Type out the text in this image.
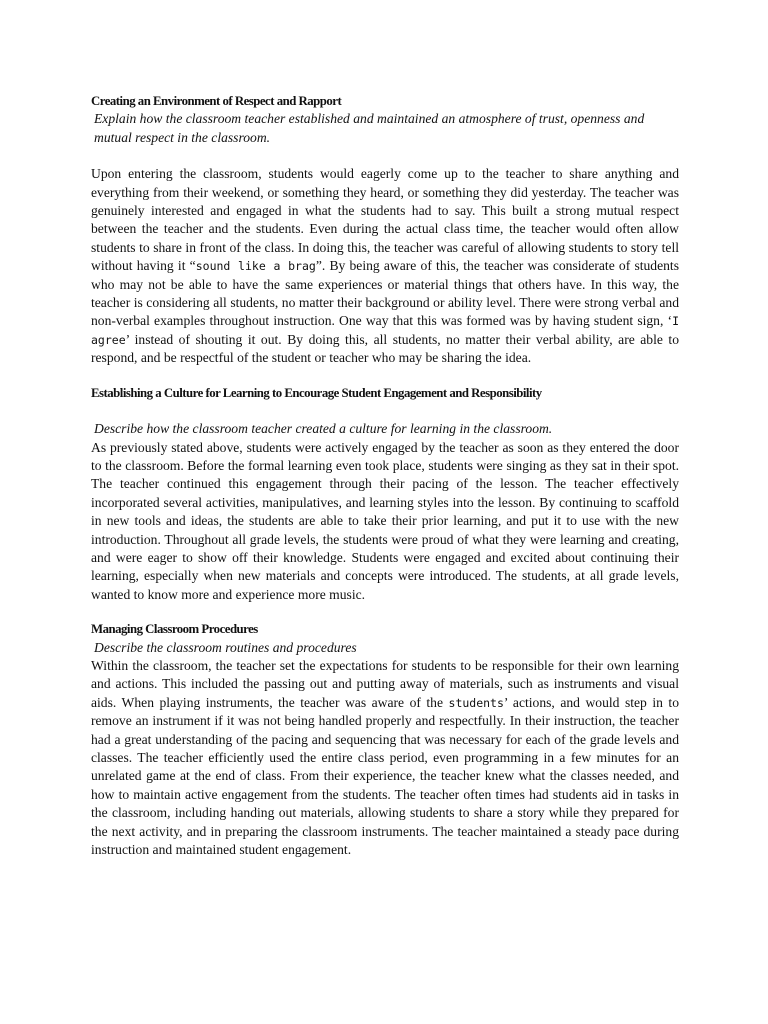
Creating an Environment of Respect and Rapport

Explain how the classroom teacher established and maintained an atmosphere of trust, openness and mutual respect in the classroom.

Upon entering the classroom, students would eagerly come up to the teacher to share anything and everything from their weekend, or something they heard, or something they did yesterday. The teacher was genuinely interested and engaged in what the students had to say. This built a strong mutual respect between the teacher and the students. Even during the actual class time, the teacher would often allow students to share in front of the class. In doing this, the teacher was careful of allowing students to story tell without having it “sound like a brag”. By being aware of this, the teacher was considerate of students who may not be able to have the same experiences or material things that others have. In this way, the teacher is considering all students, no matter their background or ability level. There were strong verbal and non-verbal examples throughout instruction. One way that this was formed was by having student sign, ‘I agree’ instead of shouting it out. By doing this, all students, no matter their verbal ability, are able to respond, and be respectful of the student or teacher who may be sharing the idea.

Establishing a Culture for Learning to Encourage Student Engagement and Responsibility

Describe how the classroom teacher created a culture for learning in the classroom.

As previously stated above, students were actively engaged by the teacher as soon as they entered the door to the classroom. Before the formal learning even took place, students were singing as they sat in their spot. The teacher continued this engagement through their pacing of the lesson. The teacher effectively incorporated several activities, manipulatives, and learning styles into the lesson. By continuing to scaffold in new tools and ideas, the students are able to take their prior learning, and put it to use with the new introduction. Throughout all grade levels, the students were proud of what they were learning and creating, and were eager to show off their knowledge. Students were engaged and excited about continuing their learning, especially when new materials and concepts were introduced. The students, at all grade levels, wanted to know more and experience more music.

Managing Classroom Procedures

Describe the classroom routines and procedures

Within the classroom, the teacher set the expectations for students to be responsible for their own learning and actions. This included the passing out and putting away of materials, such as instruments and visual aids. When playing instruments, the teacher was aware of the students’ actions, and would step in to remove an instrument if it was not being handled properly and respectfully. In their instruction, the teacher had a great understanding of the pacing and sequencing that was necessary for each of the grade levels and classes. The teacher efficiently used the entire class period, even programming in a few minutes for an unrelated game at the end of class. From their experience, the teacher knew what the classes needed, and how to maintain active engagement from the students. The teacher often times had students aid in tasks in the classroom, including handing out materials, allowing students to share a story while they prepared for the next activity, and in preparing the classroom instruments. The teacher maintained a steady pace during instruction and maintained student engagement.
